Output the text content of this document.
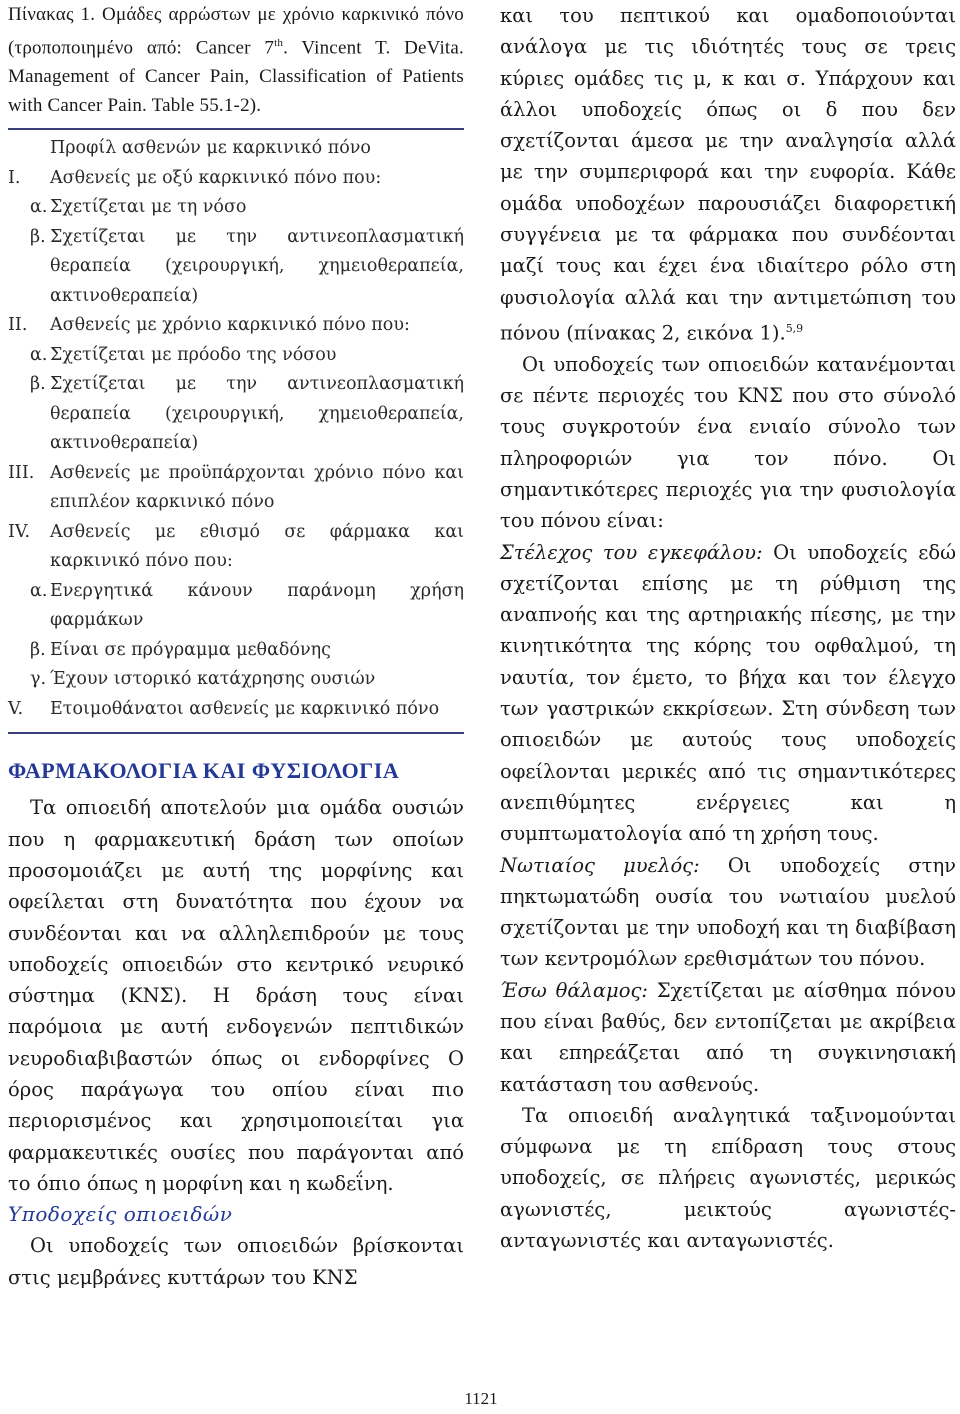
Πίνακας 1. Ομάδες αρρώστων με χρόνιο καρκινικό πόνο (τροποποιημένο από: Cancer 7th. Vincent T. DeVita. Management of Cancer Pain, Classification of Patients with Cancer Pain. Table 55.1-2).

Προφίλ ασθενών με καρκινικό πόνο
I.	Ασθενείς με οξύ καρκινικό πόνο που:
α. Σχετίζεται με τη νόσο
β. Σχετίζεται με την αντινεοπλασματική θεραπεία (χειρουργική, χημειοθεραπεία, ακτινοθεραπεία)
II.	Ασθενείς με χρόνιο καρκινικό πόνο που:
α. Σχετίζεται με πρόοδο της νόσου
β. Σχετίζεται με την αντινεοπλασματική θεραπεία (χειρουργική, χημειοθεραπεία, ακτινοθεραπεία)
III. Ασθενείς με προϋπάρχονται χρόνιο πόνο και επιπλέον καρκινικό πόνο
IV.	Ασθενείς με εθισμό σε φάρμακα και καρκινικό πόνο που:
α. Ενεργητικά κάνουν παράνομη χρήση φαρμάκων
β. Είναι σε πρόγραμμα μεθαδόνης
γ. Έχουν ιστορικό κατάχρησης ουσιών
V.	Ετοιμοθάνατοι ασθενείς με καρκινικό πόνο
ΦΑΡΜΑΚΟΛΟΓΙΑ ΚΑΙ ΦΥΣΙΟΛΟΓΙΑ

Τα οπιοειδή αποτελούν μια ομάδα ουσιών που η φαρμακευτική δράση των οποίων προσομοιάζει με αυτή της μορφίνης και οφείλεται στη δυνατότητα που έχουν να συνδέονται και να αλληλεπιδρούν με τους υποδοχείς οπιοειδών στο κεντρικό νευρικό σύστημα (ΚΝΣ). Η δράση τους είναι παρόμοια με αυτή ενδογενών πεπτιδικών νευροδιαβιβαστών όπως οι ενδορφίνες Ο όρος παράγωγα του οπίου είναι πιο περιορισμένος και χρησιμοποιείται για φαρμακευτικές ουσίες που παράγονται από το όπιο όπως η μορφίνη και η κωδεΐνη.

Υποδοχείς οπιοειδών

Οι υποδοχείς των οπιοειδών βρίσκονται στις μεμβράνες κυττάρων του ΚΝΣ

και του πεπτικού και ομαδοποιούνται ανάλογα με τις ιδιότητές τους σε τρεις κύριες ομάδες τις μ, κ και σ. Υπάρχουν και άλλοι υποδοχείς όπως οι δ που δεν σχετίζονται άμεσα με την αναλγησία αλλά με την συμπεριφορά και την ευφορία. Κάθε ομάδα υποδοχέων παρουσιάζει διαφορετική συγγένεια με τα φάρμακα που συνδέονται μαζί τους και έχει ένα ιδιαίτερο ρόλο στη φυσιολογία αλλά και την αντιμετώπιση του πόνου (πίνακας 2, εικόνα 1).$^{5,9}$

Οι υποδοχείς των οπιοειδών κατανέμονται σε πέντε περιοχές του ΚΝΣ που στο σύνολό τους συγκροτούν ένα ενιαίο σύνολο των πληροφοριών για τον πόνο. Οι σημαντικότερες περιοχές για την φυσιολογία του πόνου είναι:

Στέλεχος του εγκεφάλου: Οι υποδοχείς εδώ σχετίζονται επίσης με τη ρύθμιση της αναπνοής και της αρτηριακής πίεσης, με την κινητικότητα της κόρης του οφθαλμού, τη ναυτία, τον έμετο, το βήχα και τον έλεγχο των γαστρικών εκκρίσεων. Στη σύνδεση των οπιοειδών με αυτούς τους υποδοχείς οφείλονται μερικές από τις σημαντικότερες ανεπιθύμητες ενέργειες και η συμπτωματολογία από τη χρήση τους.

Νωτιαίος μυελός: Οι υποδοχείς στην πηκτωματώδη ουσία του νωτιαίου μυελού σχετίζονται με την υποδοχή και τη διαβίβαση των κεντρομόλων ερεθισμάτων του πόνου.

Έσω θάλαμος: Σχετίζεται με αίσθημα πόνου που είναι βαθύς, δεν εντοπίζεται με ακρίβεια και επηρεάζεται από τη συγκινησιακή κατάσταση του ασθενούς.

Τα οπιοειδή αναλγητικά ταξινομούνται σύμφωνα με τη επίδραση τους στους υποδοχείς, σε πλήρεις αγωνιστές, μερικώς αγωνιστές, μεικτούς αγωνιστές-ανταγωνιστές και ανταγωνιστές.

1121
